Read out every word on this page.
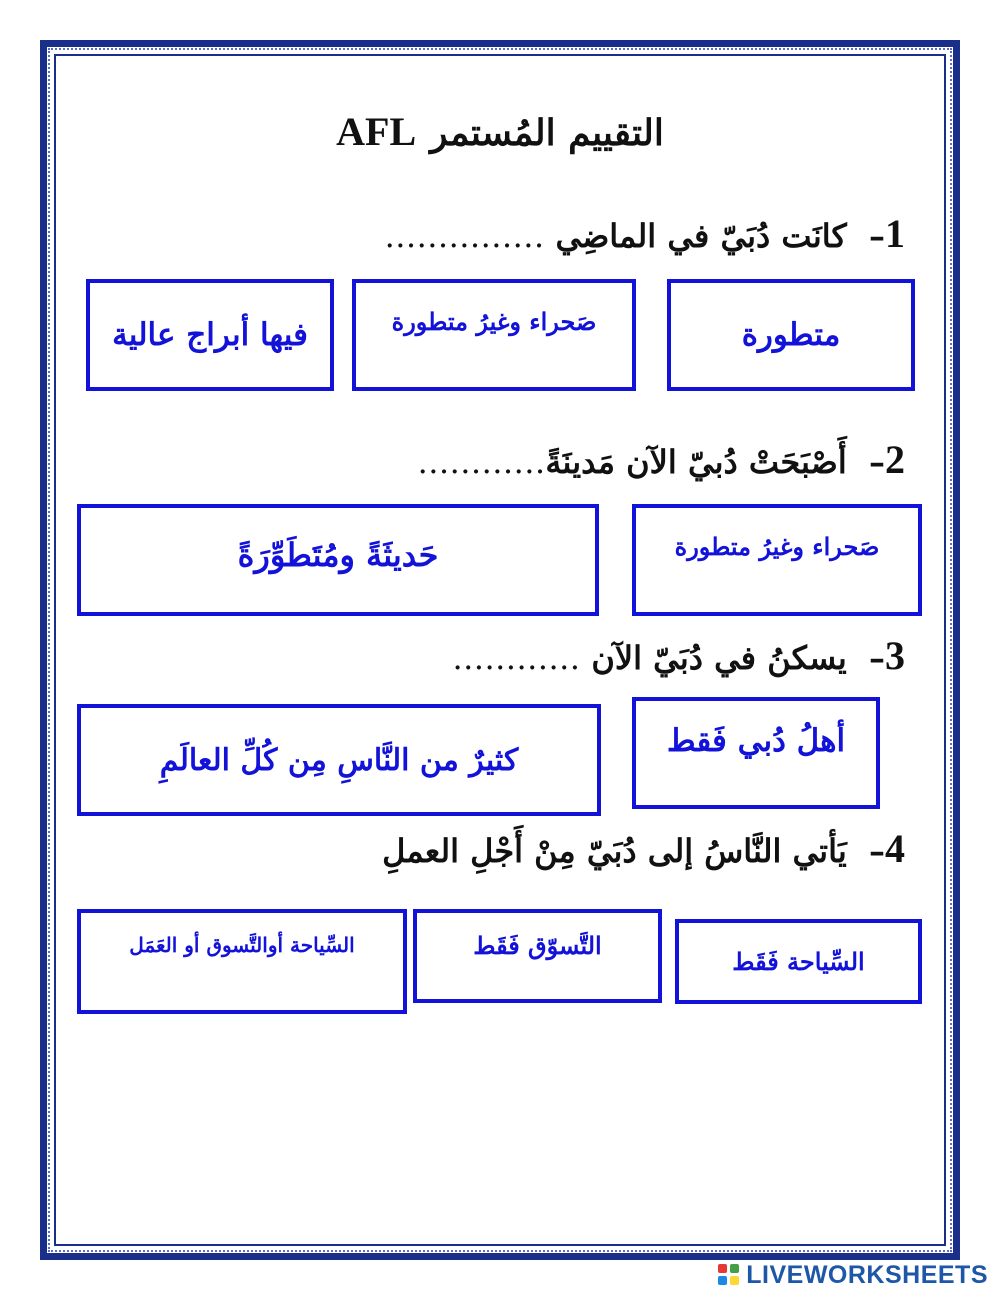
التقييم المُستمرAFL
1–  كانَت دُبَيّ في الماضِي ……………
متطورة
صَحراء وغيرُ متطورة
فيها أبراج عالية
2–  أَصْبَحَتْ دُبيّ الآن مَدينَةً…………
صَحراء وغيرُ متطورة
حَديثَةً ومُتَطَوِّرَةً
3–  يسكنُ في دُبَيّ الآن …………
أهلُ دُبي فَقط
كثيرٌ من النَّاسِ مِن كُلِّ العالَمِ
4–  يَأتي النَّاسُ إلى دُبَيّ مِنْ أَجْلِ العملِ
السِّياحة فَقَط
التَّسوّق فَقَط
السِّياحة أوالتَّسوق أو العَمَل
LIVEWORKSHEETS
